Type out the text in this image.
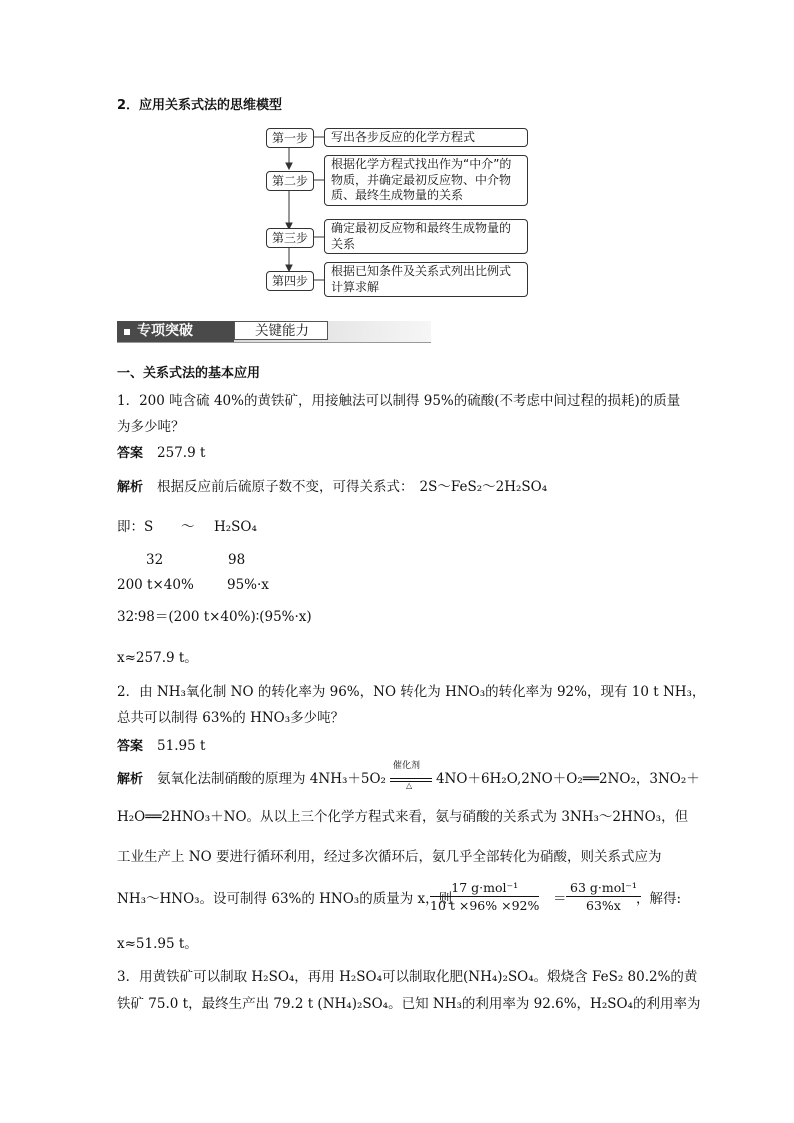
2．应用关系式法的思维模型
第一步	写出各步反应的化学方程式
第二步
根据化学方程式找出作为“中介”的
物质，并确定最初反应物、中介物
质、最终生成物量的关系
第三步
确定最初反应物和最终生成物量的
关系
第四步
根据已知条件及关系式列出比例式
计算求解
专项突破	关键能力
一、关系式法的基本应用
1．200 吨含硫 40%的黄铁矿，用接触法可以制得 95%的硫酸(不考虑中间过程的损耗)的质量
为多少吨？
答案 257.9 t
解析 根据反应前后硫原子数不变，可得关系式： 2S～FeS₂～2H₂SO₄
即：S ～ H₂SO₄
32	98
200 t×40% 95%·x
32∶98＝(200 t×40%)∶(95%·x)
x≈257.9 t。
2．由 NH₃氧化制 NO 的转化率为 96%，NO 转化为 HNO₃的转化率为 92%，现有 10 t NH₃，
总共可以制得 63%的 HNO₃多少吨？
答案 51.95 t
解析 氨氧化法制硝酸的原理为 4NH₃＋5O₂
催化剂
△ 4NO＋6H₂O,2NO＋O₂══2NO₂，3NO₂＋
H₂O══2HNO₃＋NO。从以上三个化学方程式来看，氨与硝酸的关系式为 3NH₃～2HNO₃，但
工业生产上 NO 要进行循环利用，经过多次循环后，氨几乎全部转化为硝酸，则关系式应为
NH₃～HNO₃。设可制得 63%的 HNO₃的质量为 x，则
17 g·mol⁻¹
10 t ×96% ×92% ＝
63 g·mol⁻¹
63%x	，解得:
x≈51.95 t。
3．用黄铁矿可以制取 H₂SO₄，再用 H₂SO₄可以制取化肥(NH₄)₂SO₄。煅烧含 FeS₂ 80.2%的黄
铁矿 75.0 t，最终生产出 79.2 t (NH₄)₂SO₄。已知 NH₃的利用率为 92.6%，H₂SO₄的利用率为
